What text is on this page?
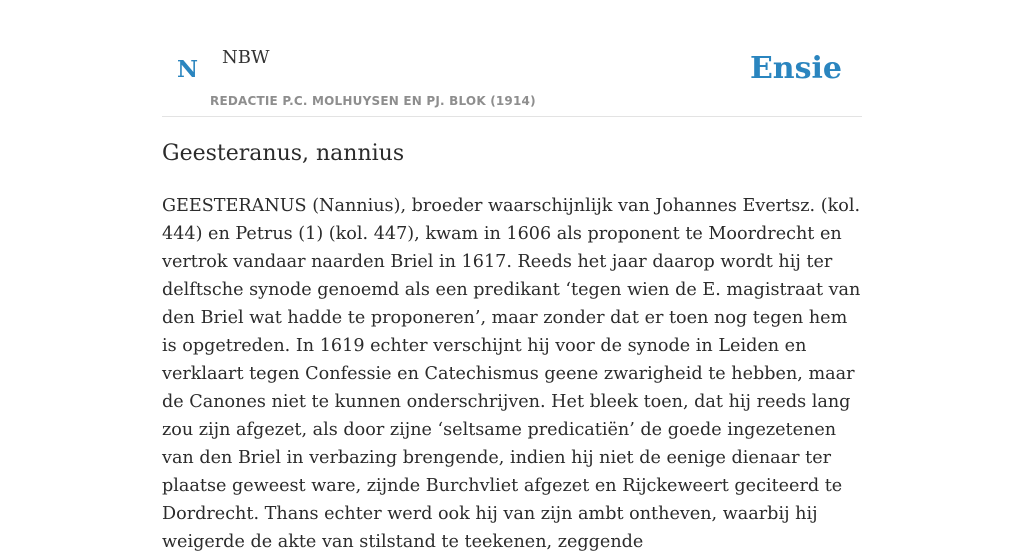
N NBW
REDACTIE P.C. MOLHUYSEN EN PJ. BLOK (1914)
Ensie
Geesteranus, nannius

GEESTERANUS (Nannius), broeder waarschijnlijk van Johannes Evertsz. (kol. 444) en Petrus (1) (kol. 447), kwam in 1606 als proponent te Moordrecht en vertrok vandaar naarden Briel in 1617. Reeds het jaar daarop wordt hij ter delftsche synode genoemd als een predikant ‘tegen wien de E. magistraat van den Briel wat hadde te proponeren’, maar zonder dat er toen nog tegen hem is opgetreden. In 1619 echter verschijnt hij voor de synode in Leiden en verklaart tegen Confessie en Catechismus geene zwarigheid te hebben, maar de Canones niet te kunnen onderschrijven. Het bleek toen, dat hij reeds lang zou zijn afgezet, als door zijne ‘seltsame predicatiën’ de goede ingezetenen van den Briel in verbazing brengende, indien hij niet de eenige dienaar ter plaatse geweest ware, zijnde Burchvliet afgezet en Rijckeweert geciteerd te Dordrecht. Thans echter werd ook hij van zijn ambt ontheven, waarbij hij weigerde de akte van stilstand te teekenen, zeggende
